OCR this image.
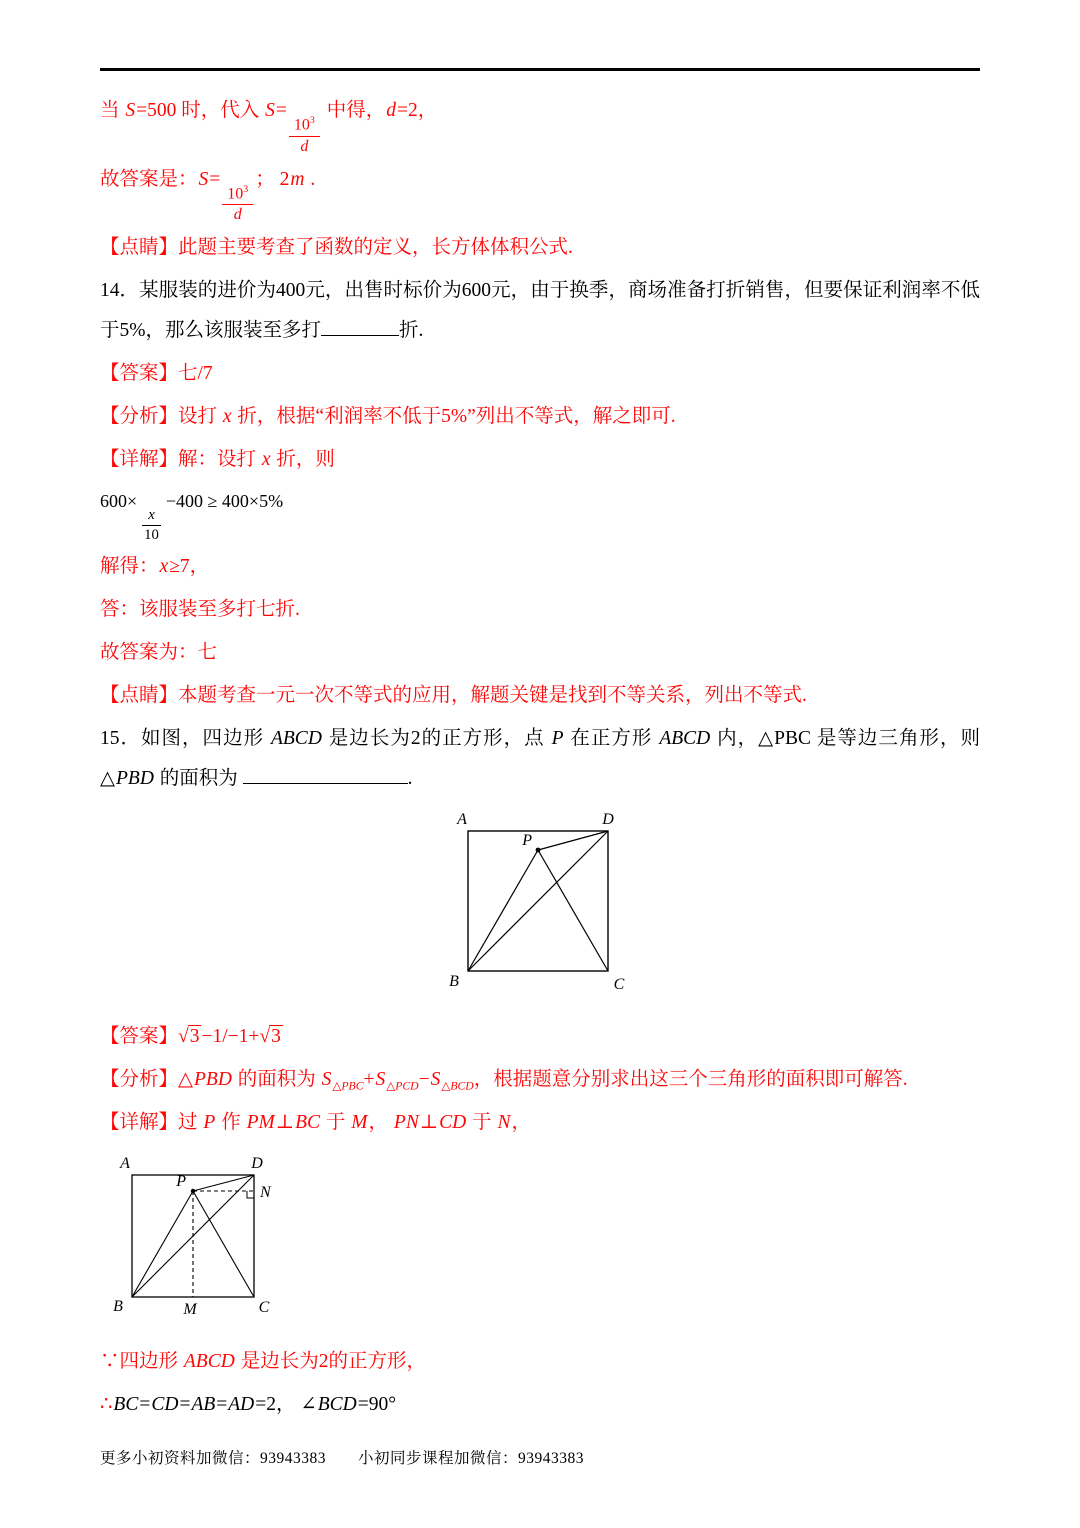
当 S=500 时，代入 S=
$\frac{10^3}{d}$
中得，d=2，

故答案是：S=
$\frac{10^3}{d}$
； 2m .

【点睛】此题主要考查了函数的定义，长方体体积公式.

14．某服装的进价为400元，出售时标价为600元，由于换季，商场准备打折销售，但要保证利润率不低于5%，那么该服装至多打	折.

【答案】七/7

【分析】设打 x 折，根据“利润率不低于5%”列出不等式，解之即可.

【详解】解：设打 x 折，则

600×
$\frac{x}{10}$
−400 ≥ 400×5%

解得：x≥7，

答：该服装至多打七折.

故答案为：七

【点睛】本题考查一元一次不等式的应用，解题关键是找到不等关系，列出不等式.

15．如图，四边形 ABCD 是边长为2的正方形，点 P 在正方形 ABCD 内，△PBC 是等边三角形，则△PBD 的面积为	.

A	D
B	C
P

【答案】√3 −1/−1+√3

【分析】△PBD 的面积为 $S_{\triangle PBC}+S_{\triangle PCD}-S_{\triangle BCD}$，根据题意分别求出这三个三角形的面积即可解答.

【详解】过 P 作 PM⊥BC 于 M， PN⊥CD 于 N，

A	D
B	C
P
M
N

∵四边形 ABCD 是边长为2的正方形，

∴BC=CD=AB=AD=2， ∠BCD=90°

更多小初资料加微信：93943383　　小初同步课程加微信：93943383
